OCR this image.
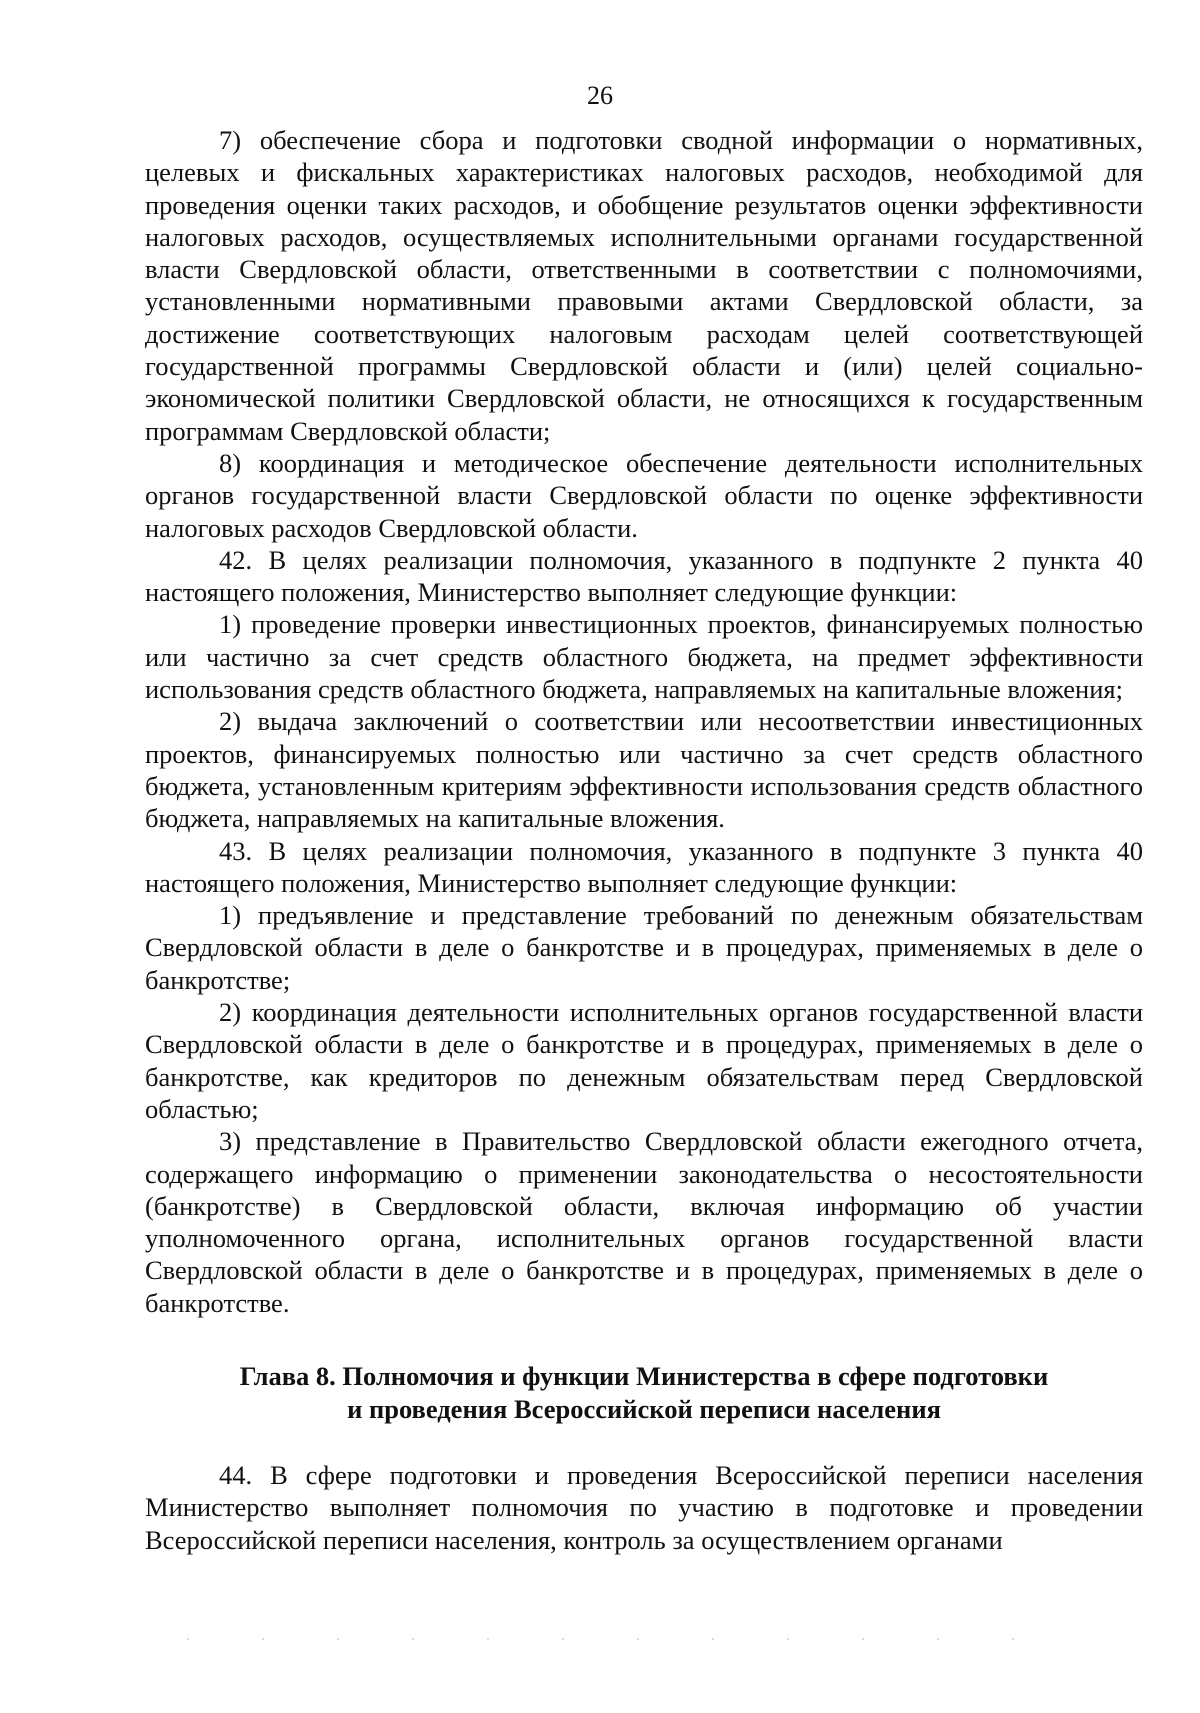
26

7) обеспечение сбора и подготовки сводной информации о нормативных, целевых и фискальных характеристиках налоговых расходов, необходимой для проведения оценки таких расходов, и обобщение результатов оценки эффективности налоговых расходов, осуществляемых исполнительными органами государственной власти Свердловской области, ответственными в соответствии с полномочиями, установленными нормативными правовыми актами Свердловской области, за достижение соответствующих налоговым расходам целей соответствующей государственной программы Свердловской области и (или) целей социально-экономической политики Свердловской области, не относящихся к государственным программам Свердловской области;

8) координация и методическое обеспечение деятельности исполнительных органов государственной власти Свердловской области по оценке эффективности налоговых расходов Свердловской области.

42. В целях реализации полномочия, указанного в подпункте 2 пункта 40 настоящего положения, Министерство выполняет следующие функции:

1) проведение проверки инвестиционных проектов, финансируемых полностью или частично за счет средств областного бюджета, на предмет эффективности использования средств областного бюджета, направляемых на капитальные вложения;

2) выдача заключений о соответствии или несоответствии инвестиционных проектов, финансируемых полностью или частично за счет средств областного бюджета, установленным критериям эффективности использования средств областного бюджета, направляемых на капитальные вложения.

43. В целях реализации полномочия, указанного в подпункте 3 пункта 40 настоящего положения, Министерство выполняет следующие функции:

1) предъявление и представление требований по денежным обязательствам Свердловской области в деле о банкротстве и в процедурах, применяемых в деле о банкротстве;

2) координация деятельности исполнительных органов государственной власти Свердловской области в деле о банкротстве и в процедурах, применяемых в деле о банкротстве, как кредиторов по денежным обязательствам перед Свердловской областью;

3) представление в Правительство Свердловской области ежегодного отчета, содержащего информацию о применении законодательства о несостоятельности (банкротстве) в Свердловской области, включая информацию об участии уполномоченного органа, исполнительных органов государственной власти Свердловской области в деле о банкротстве и в процедурах, применяемых в деле о банкротстве.

Глава 8. Полномочия и функции Министерства в сфере подготовки
и проведения Всероссийской переписи населения

44. В сфере подготовки и проведения Всероссийской переписи населения Министерство выполняет полномочия по участию в подготовке и проведении Всероссийской переписи населения, контроль за осуществлением органами
